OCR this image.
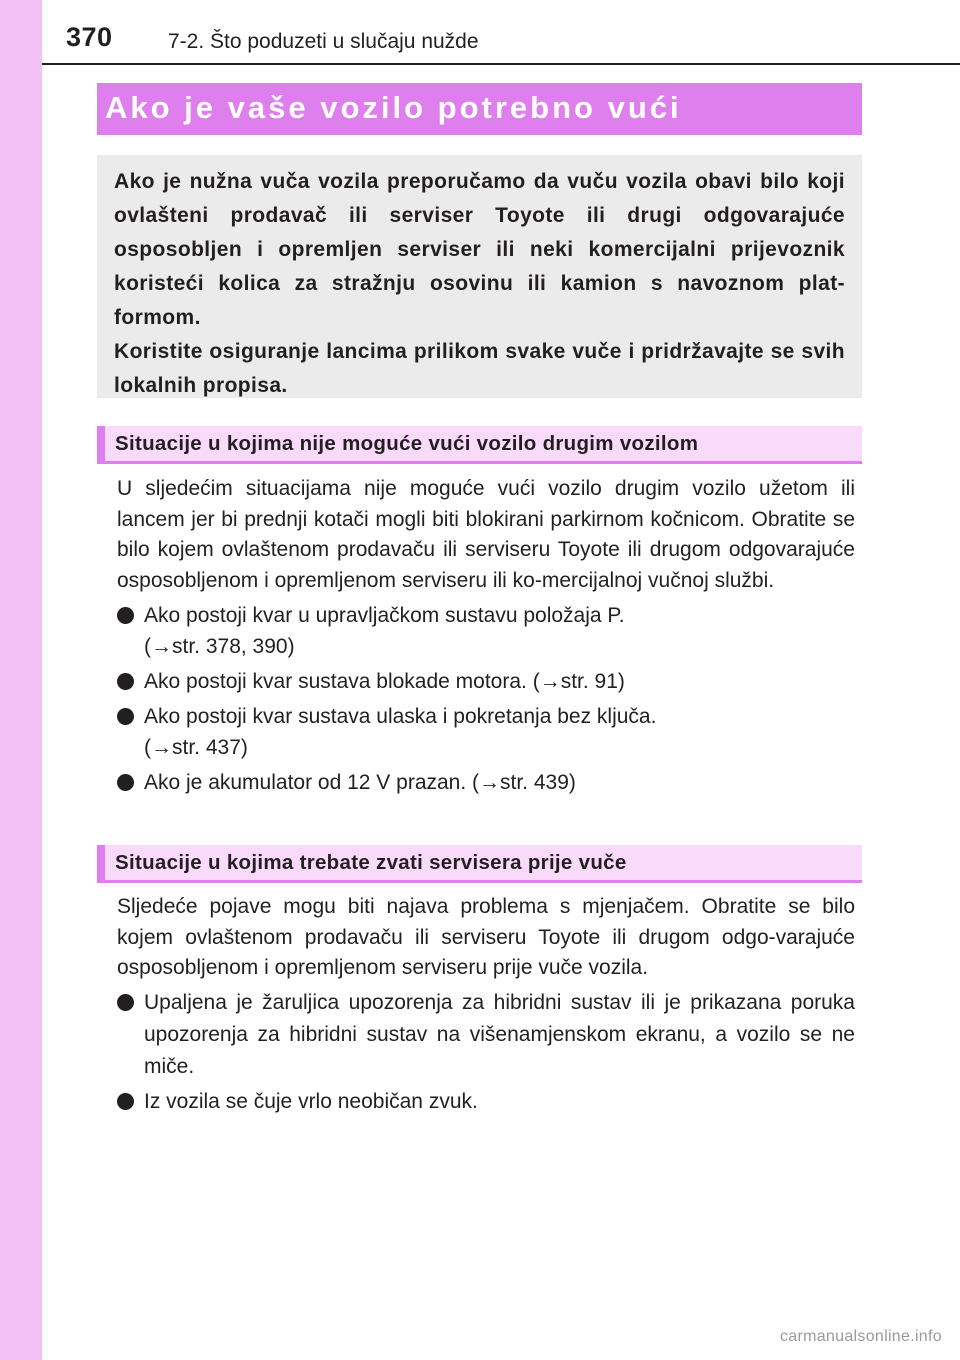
370	7-2. Što poduzeti u slučaju nužde
Ako je vaše vozilo potrebno vući

Ako je nužna vuča vozila preporučamo da vuču vozila obavi bilo koji ovlašteni prodavač ili serviser Toyote ili drugi odgovarajuće osposobljen i opremljen serviser ili neki komercijalni prijevoznik koristeći kolica za stražnju osovinu ili kamion s navoznom plat-formom.

Koristite osiguranje lancima prilikom svake vuče i pridržavajte se svih lokalnih propisa.

Situacije u kojima nije moguće vući vozilo drugim vozilom

U sljedećim situacijama nije moguće vući vozilo drugim vozilo užetom ili lancem jer bi prednji kotači mogli biti blokirani parkirnom kočnicom. Obratite se bilo kojem ovlaštenom prodavaču ili serviseru Toyote ili drugom odgovarajuće osposobljenom i opremljenom serviseru ili ko-mercijalnoj vučnoj službi.

Ako postoji kvar u upravljačkom sustavu položaja P.
(→str. 378, 390)
Ako postoji kvar sustava blokade motora. (→str. 91)
Ako postoji kvar sustava ulaska i pokretanja bez ključa.
(→str. 437)
Ako je akumulator od 12 V prazan. (→str. 439)
Situacije u kojima trebate zvati servisera prije vuče

Sljedeće pojave mogu biti najava problema s mjenjačem. Obratite se bilo kojem ovlaštenom prodavaču ili serviseru Toyote ili drugom odgo-varajuće osposobljenom i opremljenom serviseru prije vuče vozila.

Upaljena je žaruljica upozorenja za hibridni sustav ili je prikazana poruka upozorenja za hibridni sustav na višenamjenskom ekranu, a vozilo se ne miče.
Iz vozila se čuje vrlo neobičan zvuk.
carmanualsonline.info
